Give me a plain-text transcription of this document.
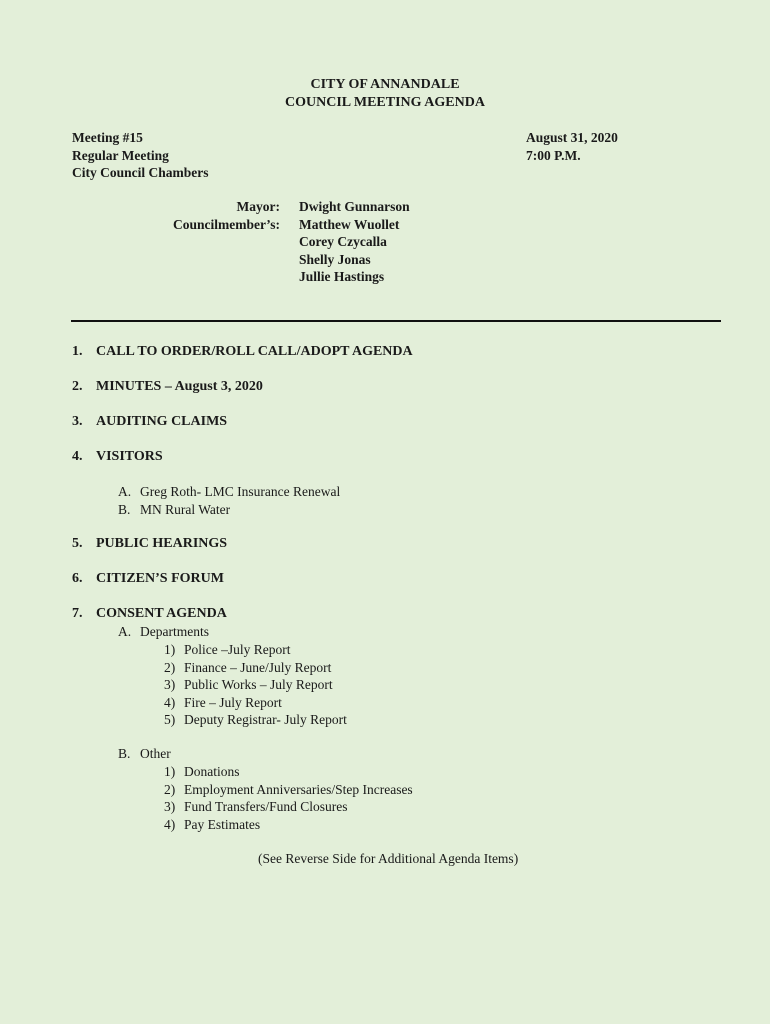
CITY OF ANNANDALE
COUNCIL MEETING AGENDA
Meeting #15
Regular Meeting
City Council Chambers
August 31, 2020
7:00 P.M.
Mayor:
Councilmember’s:
Dwight Gunnarson
Matthew Wuollet
Corey Czycalla
Shelly Jonas
Jullie Hastings
1. CALL TO ORDER/ROLL CALL/ADOPT AGENDA
2. MINUTES – August 3, 2020
3. AUDITING CLAIMS
4. VISITORS
A. Greg Roth- LMC Insurance Renewal
B. MN Rural Water
5. PUBLIC HEARINGS
6. CITIZEN’S FORUM
7. CONSENT AGENDA
A. Departments
1) Police –July Report
2) Finance – June/July Report
3) Public Works – July Report
4) Fire – July Report
5) Deputy Registrar- July Report
B. Other
1) Donations
2) Employment Anniversaries/Step Increases
3) Fund Transfers/Fund Closures
4) Pay Estimates
(See Reverse Side for Additional Agenda Items)
